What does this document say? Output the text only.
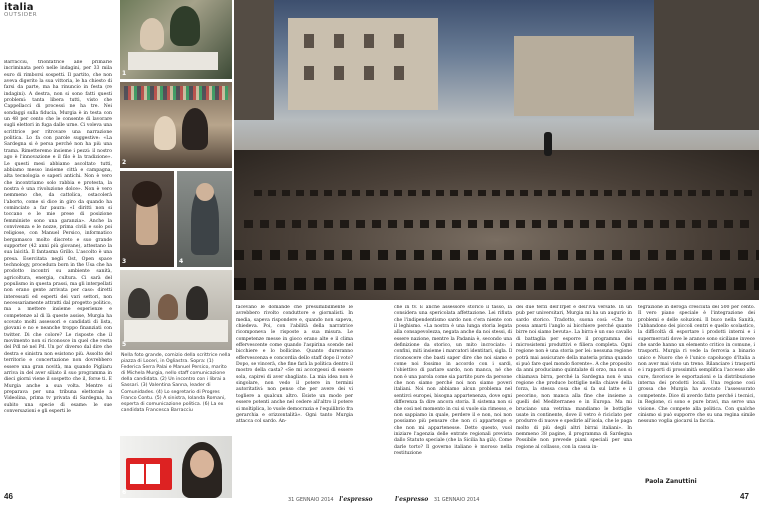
italia
OUTSIDER

Barracciu, trionfatrice alle primarie incriminata però nelle indagini, per 33 mila euro di rimborsi sospetti. Il partito, che non aveva digerito la sua vittoria, le ha chiesto di farsi da parte, ma ha rinuncio in festa (re indagini). A destra, non si sono fatti questi problemi: tanta libera tutti, visto che Cappellacci di processi ne ha tre. Nei sondaggi sulla fiducia, Murgia è in testa con un 48 per cento che le consente di lavorare sugli elettori in fuga dalle urne. Ci voleva una scrittrice per ritrovare una narrazione politica. Lo fa con parole suggestive: «La Sardegna si è persa perché non ha più una trama. Rimetteremo insieme i pezzi: il nostro ago è l'innovazione e il filo è la tradizione». Le questi mesi abbiamo ascoltato tutti, abbiamo messo insieme città e campagna, alta tecnologia e saperi antichi. Non è vero che incontriamo solo rabbia e protesta, la nostra è una rivoluzione dolce». Non è vero nemmeno che, da cattolica, ostacolerà l'aborto, come si dice in giro da quando ha cominciato a far paura: «I diritti non si toccano e le mie prese di posizione femministe sono una garanzia». Anche la convivenza e le nozze, prima civili e solo poi religiose, con Manuel Persico, informatico bergamasco molto discreto e suo grande supporter (42 anni più giovane), attestano la sua laicità. Il fantasma Grillo. L'ascolto è una presa. Esercitata negli Ost, Open space technology, procedura born in the Usa che ha prodotto incontri su ambiente sanità, agricoltura, energia, cultura. Ci sarà del populismo in questa prassi, ma gli interpellati non erano gente arrivata per caso: diretti interessati ed esperti dei vari settori, non necessariamente attratti dal progetto politico, ma a mettere insieme esperienze e competenze al di là queste assise, Murgia ha scovato molti assessori e candidati di lista, giovani e no e neanche troppo finanziati con twitter. Di che colore? Le risposte che il movimento non si riconosce in quel che resta del Pdl né nel Pd. Un po' diverso dal dire che destra e sinistra non esistono più. Assolto del territorio e concertazione non dovrebbero essere una gran novità, ma quando Pigliaru arriva in del aver siliato il suo programma in dieci giorni viene il sospetto che il, forse ti. E Murgia anche a sua volta. Mentre si preparava per una tribuna elettorale a Videolina, prima tv privata di Sardegna, ha subito una specie di esame: le sue conversazioni e gli esperti le

1
2
3	4
5
Nella foto grande, comizio della scrittrice nella piazza di Loceri, in Ogliastra. Sopra: (1) Federica Serra Palai e Manuel Persico, marito di Michela Murgia, nello staff comunicazione della candidata. (2) Un incontro con i librai a Sassari. (3) Valentina Sanna, leader di Comunidades. (4) Lo segretario di Progres Franco Contu. (5) A sinistra, Iolanda Romani, esperta di comunicazione politica. (6) La ex candidata Francesca Barracciu
6

facevano le domande che presumibilmente le avrebbero rivolto conduttore e giornalisti. In media, sapeva rispondere e, quando non sapeva, chiedeva. Poi, con l'abilità della narratrice ricomponeva le risposte a sua misura. Le competenze messe in gioco erano alte e il clima effervescente come quando l'aspirina scende nel bicchiere e lo bollicine. Quanto dureranno effervescenza e concordia dello staff dopo il voto? Dopo, se vincerà, che fine farà la politica dentro il mostro della casta? «Se mi accorgessi di essere sola, capirei di aver sbagliato. La mia idea non è singolare, non vedo il potere in termini autoritativi: non penso che per avere dei vi togliere a qualcun altro. Esiste un modo per essere potenti anche nel cedere all'altro il potere si moltiplica, lo vuole democrazia e l'equilibrio fra gerarchia e orizzontalità». Ogni tanto Murgia attacca col sardo. An-

che in tv. È anche assessore storico il tasso, la considera una spericolata affettazione. Lei rifiuta che l'indipendentismo sardo non c'era niente con il leghismo. «La nostra è una lunga storia legata alla consapevolezza, negata anche da noi stessi, di essere nazione, mentre la Padania è, secondo una definizione da storico, un mito incrociato: i confini, miti insieme i marcatori identitari, sigla. Il riconoscere che basti saper dire che noi siamo e come noi fossimo in accordo con i sardi, l'obiettivo di parlare sardo, non manca, né che non è una parola come sia partito pure da persone che non siamo perché noi non siamo poveri italiani. Noi non abbiamo alcun problema nel sentirci europei, bisogna appartenenza, dove ogni differenza fa dire ancora storia. Il sistema non si che così nel momento in cui si vuole sia rimesso, e non sappiamo in quale, perdere il e non, noi non possiamo più pensare che non ci appartengo e che non mi appartenesse. Detto questo, vuol iniziare l'agenzia delle entrate regionali prevista dallo Statuto speciale (che la Sicilia ha già). Come darle torto? Il governo italiano è moroso nella restituzione

dei due terzi dell'Irpef e dell'Iva versate. In un pub per universitari, Murgia mi ha un augurio in sardo storico. Tradotto, suona così: «Che tu possa amarti l'anglo ai bicchiere perché quante birre noi siamo bevuta». La birra è un suo cavallo di battaglia per esporre il programma dei microsistemi produttivi e filiera completa. Ogni regione non è una storia per lei: nessuna regione potrà mai assicurare della materia prima quando si può fare quel mondo fiorente». A che proposito da anni produciamo quintalate di orzo, ma non si chiamava birra, perché la Sardegna non è una regione che produce bottiglie nella chiave della forza, la stessa cosa che si fa sul latte e il pecorino, non manca alla fine che insieme a quelli del Mediterraneo e in Europa. Ma mi bruciano una vetrina: mandiamo le bottiglie usate in continente, dove il vetro è riciclato per produrre di nuove e spedirle all'isola, che le paga molto di più degli altri birrai italiani». In nemmeno 38 pagine, il programma di Sardegna Possibile non prevede piani speciali per una regione al collasso, con la cassa in-

tegrazione in deroga cresciuta del 500 per cento. Il vero piano speciale è l'integrazione dei problemi e delle soluzioni. Il buco nella Sanità, l'abbandono dei piccoli centri e quello scolastico, la difficoltà di esportare i prodotti interni e i supermercati dove le arance sono siciliane invece che sarde hanno un elemento critico in comune, i trasporti. Murgia ri vede la ferrovia a binario unico e Nuoro che è l'unico capoluogo d'Italia a non aver mai visto un treno. Rilanciare i trasporti e i rapporti di prossimità semplifica l'accesso alle cure, favorisce le esportazioni e la distribuzione interna dei prodotti locali. Una regione così grossa che Murgia ha avocato l'assessorato competente. Dice di averdo fatto perché i tecnici, in Regione, ci sono e pure bravi, ma serve una visione. Che compete alla politica. Con qualche cinismo si può supporre che su una regina simile nessuno voglia giocarsi la faccia.

Paola Zanuttini
46	31 GENNAIO 2014 l'espresso	l'espresso 31 GENNAIO 2014	47
